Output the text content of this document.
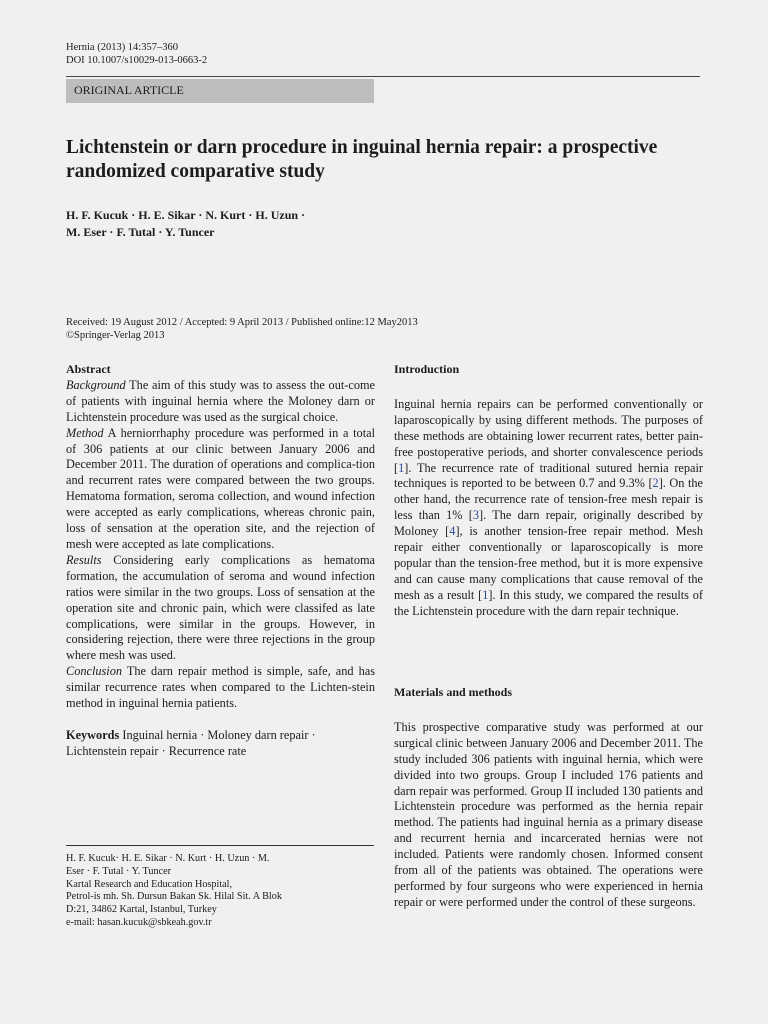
Hernia (2013) 14:357–360
DOI 10.1007/s10029-013-0663-2
ORIGINAL ARTICLE
Lichtenstein or darn procedure in inguinal hernia repair: a prospective randomized comparative study
H. F. Kucuk · H. E. Sikar · N. Kurt · H. Uzun ·
M. Eser · F. Tutal · Y. Tuncer
Received: 19 August 2012 / Accepted: 9 April 2013 / Published online:12 May2013
©Springer-Verlag 2013

Abstract

Background The aim of this study was to assess the out-come of patients with inguinal hernia where the Moloney darn or Lichtenstein procedure was used as the surgical choice.

Method A herniorrhaphy procedure was performed in a total of 306 patients at our clinic between January 2006 and December 2011. The duration of operations and complica-tion and recurrent rates were compared between the two groups. Hematoma formation, seroma collection, and wound infection were accepted as early complications, whereas chronic pain, loss of sensation at the operation site, and the rejection of mesh were accepted as late complications.

Results Considering early complications as hematoma formation, the accumulation of seroma and wound infection ratios were similar in the two groups. Loss of sensation at the operation site and chronic pain, which were classifed as late complications, were similar in the groups. However, in considering rejection, there were three rejections in the group where mesh was used.

Conclusion The darn repair method is simple, safe, and has similar recurrence rates when compared to the Lichten-stein method in inguinal hernia patients.

Keywords Inguinal hernia · Moloney darn repair · Lichtenstein repair · Recurrence rate

H. F. Kucuk· H. E. Sikar · N. Kurt · H. Uzun · M.
Eser · F. Tutal · Y. Tuncer
Kartal Research and Education Hospital,
Petrol-is mh. Sh. Dursun Bakan Sk. Hilal Sit. A Blok
D:21, 34862 Kartal, Istanbul, Turkey
e-mail: hasan.kucuk@sbkeah.gov.tr

Introduction

Inguinal hernia repairs can be performed conventionally or laparoscopically by using different methods. The purposes of these methods are obtaining lower recurrent rates, better pain-free postoperative periods, and shorter convalescence periods [1]. The recurrence rate of traditional sutured hernia repair techniques is reported to be between 0.7 and 9.3% [2]. On the other hand, the recurrence rate of tension-free mesh repair is less than 1% [3]. The darn repair, originally described by Moloney [4], is another tension-free repair method. Mesh repair either conventionally or laparoscopically is more popular than the tension-free method, but it is more expensive and can cause many complications that cause removal of the mesh as a result [1]. In this study, we compared the results of the Lichtenstein procedure with the darn repair technique.

Materials and methods

This prospective comparative study was performed at our surgical clinic between January 2006 and December 2011. The study included 306 patients with inguinal hernia, which were divided into two groups. Group I included 176 patients and darn repair was performed. Group II included 130 patients and Lichtenstein procedure was performed as the hernia repair method. The patients had inguinal hernia as a primary disease and recurrent hernia and incarcerated hernias were not included. Patients were randomly chosen. Informed consent from all of the patients was obtained. The operations were performed by four surgeons who were experienced in hernia repair or were performed under the control of these surgeons.
